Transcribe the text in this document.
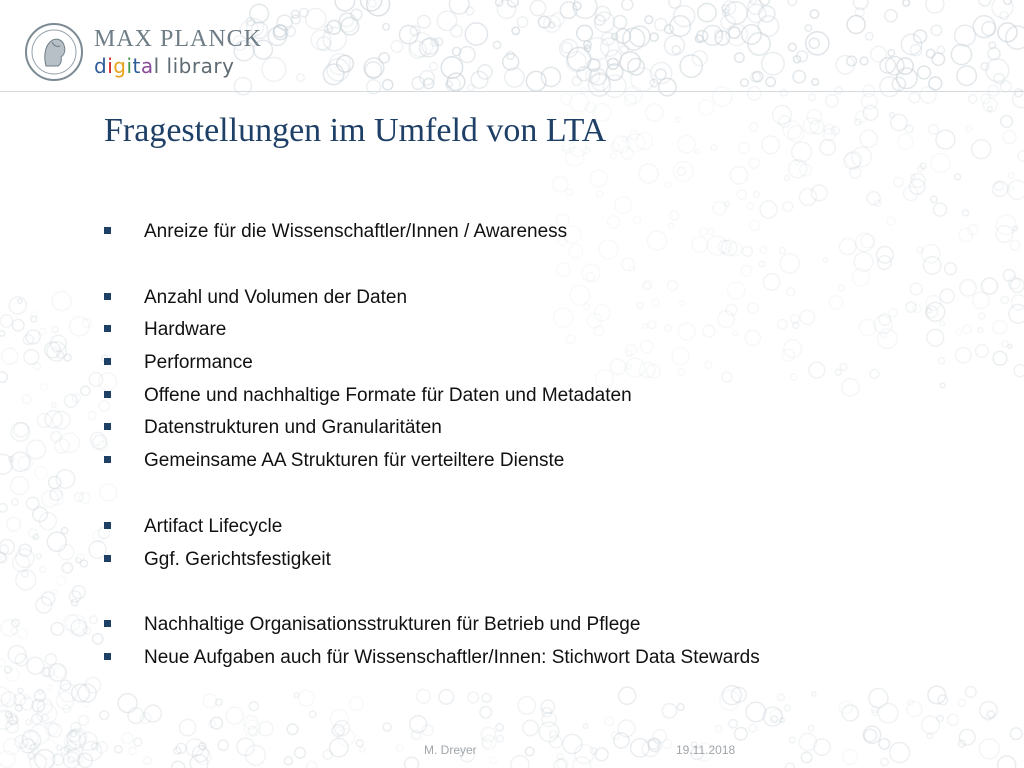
MAX PLANCK
digital library
Fragestellungen im Umfeld von LTA
Anreize für die Wissenschaftler/Innen / Awareness
Anzahl und Volumen der Daten
Hardware
Performance
Offene und nachhaltige Formate für Daten und Metadaten
Datenstrukturen und Granularitäten
Gemeinsame AA Strukturen für verteiltere Dienste
Artifact Lifecycle
Ggf. Gerichtsfestigkeit
Nachhaltige Organisationsstrukturen für Betrieb und Pflege
Neue Aufgaben auch für Wissenschaftler/Innen: Stichwort Data Stewards
M. Dreyer	19.11.2018
